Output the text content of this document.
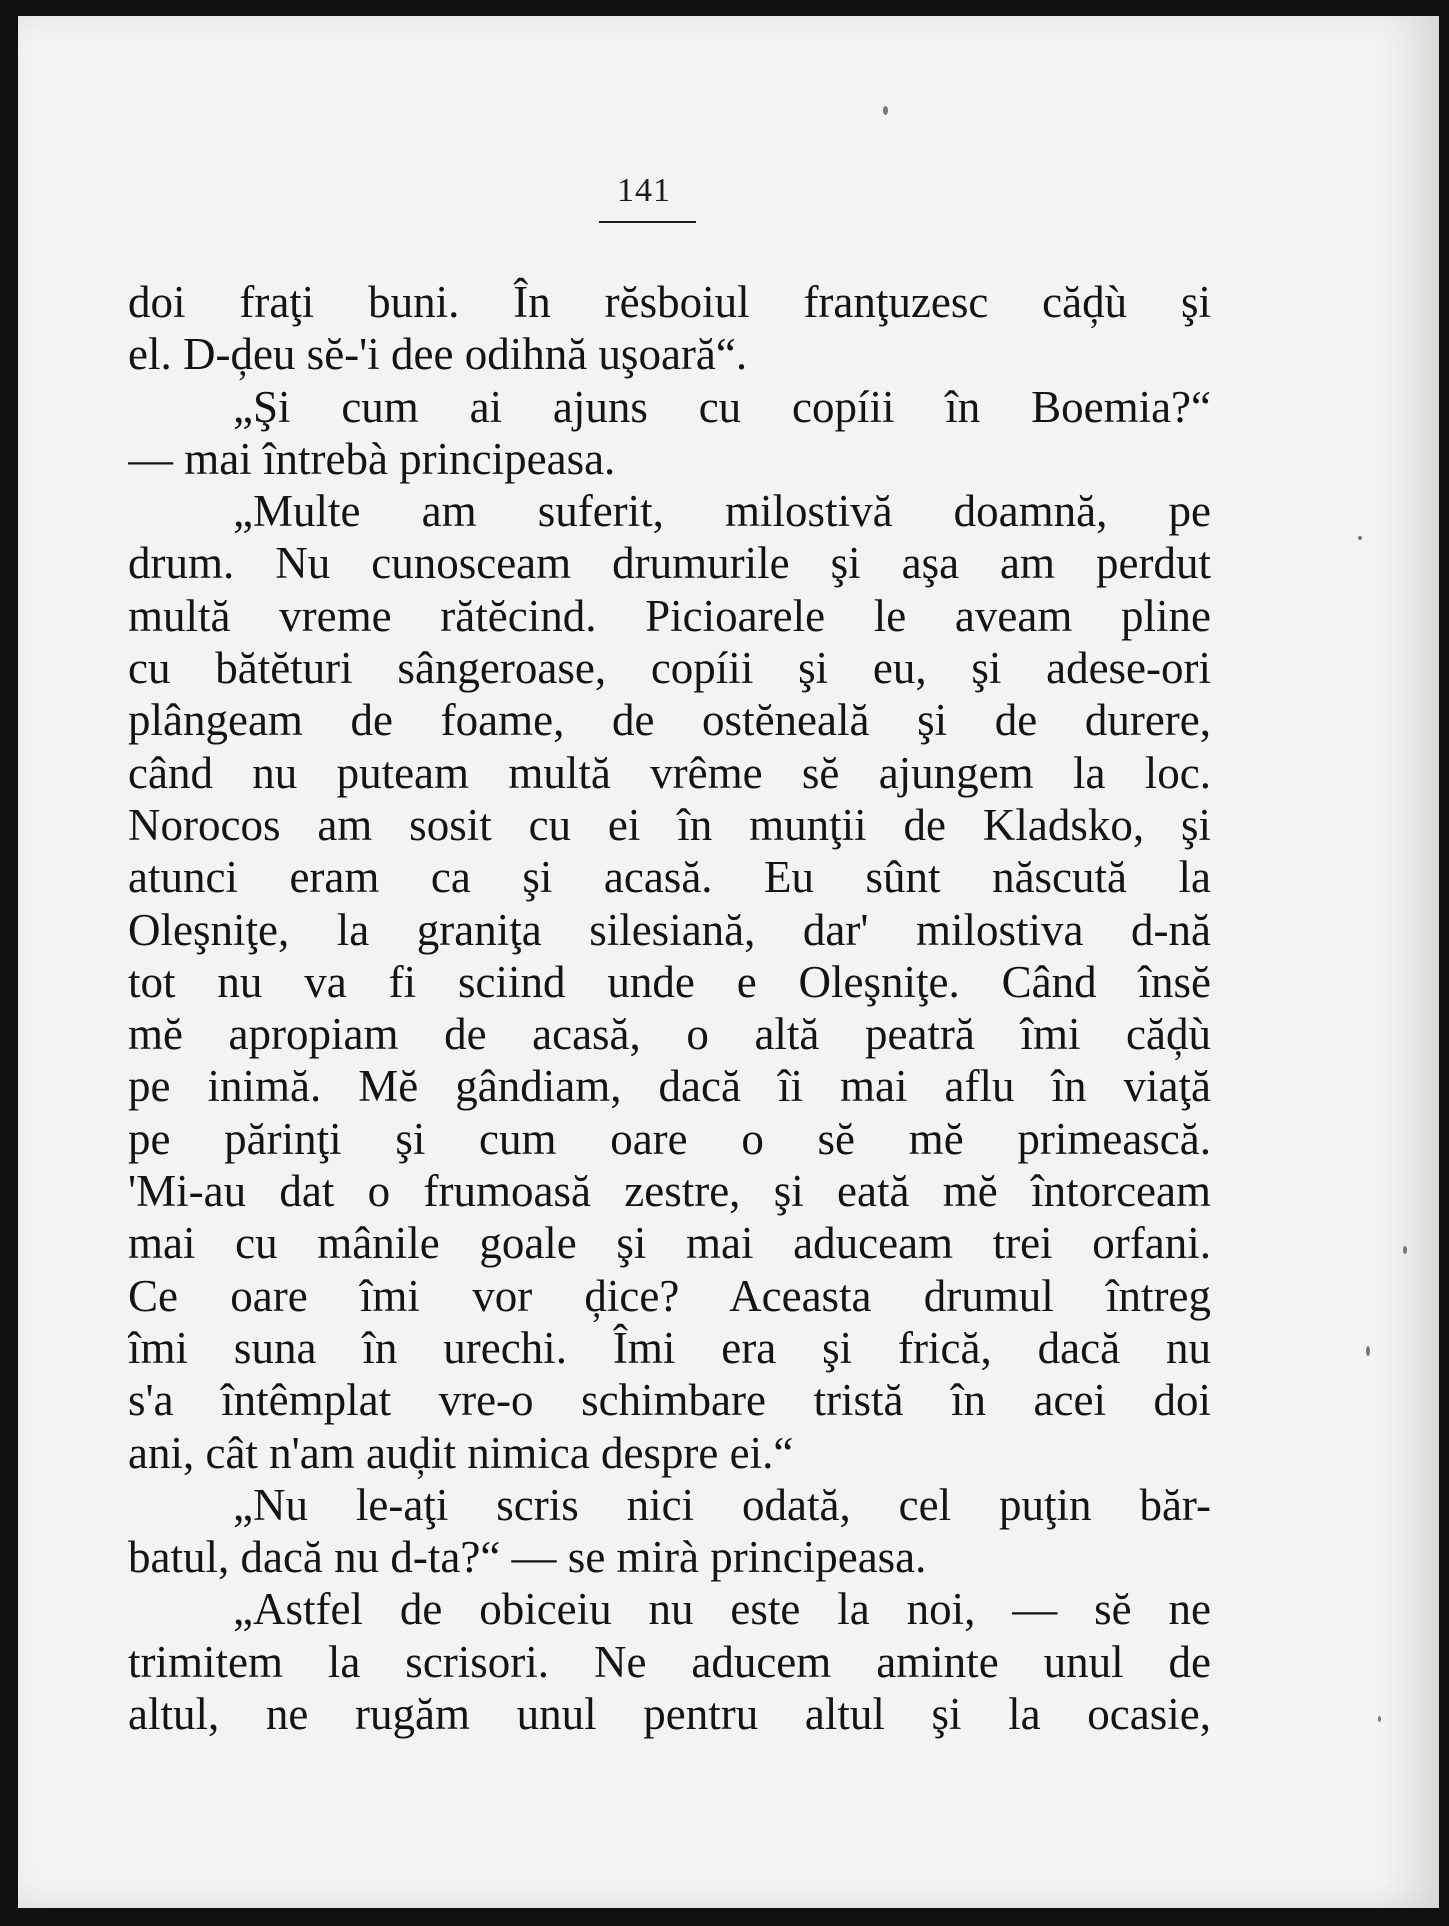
141
doi fraţi buni. În rĕsboiul franţuzesc căḑù şi
el. D-ḑeu sĕ-'i dee odihnă uşoară“.
„Şi cum ai ajuns cu copíii în Boemia?“
— mai întrebà principeasa.
„Multe am suferit, milostivă doamnă, pe
drum. Nu cunosceam drumurile şi aşa am perdut
multă vreme rătĕcind. Picioarele le aveam pline
cu bătĕturi sângeroase, copíii şi eu, şi adese-ori
plângeam de foame, de ostĕneală şi de durere,
când nu puteam multă vrême sĕ ajungem la loc.
Norocos am sosit cu ei în munţii de Kladsko, şi
atunci eram ca şi acasă. Eu sûnt născută la
Oleşniţe, la graniţa silesiană, dar' milostiva d-nă
tot nu va fi sciind unde e Oleşniţe. Când însĕ
mĕ apropiam de acasă, o altă peatră îmi căḑù
pe inimă. Mĕ gândiam, dacă îi mai aflu în viaţă
pe părinţi şi cum oare o sĕ mĕ primească.
'Mi-au dat o frumoasă zestre, şi eată mĕ întorceam
mai cu mânile goale şi mai aduceam trei orfani.
Ce oare îmi vor ḑice? Aceasta drumul întreg
îmi suna în urechi. Îmi era şi frică, dacă nu
s'a întêmplat vre-o schimbare tristă în acei doi
ani, cât n'am auḑit nimica despre ei.“
„Nu le-aţi scris nici odată, cel puţin băr-
batul, dacă nu d-ta?“ — se mirà principeasa.
„Astfel de obiceiu nu este la noi, — sĕ ne
trimitem la scrisori. Ne aducem aminte unul de
altul, ne rugăm unul pentru altul şi la ocasie,
